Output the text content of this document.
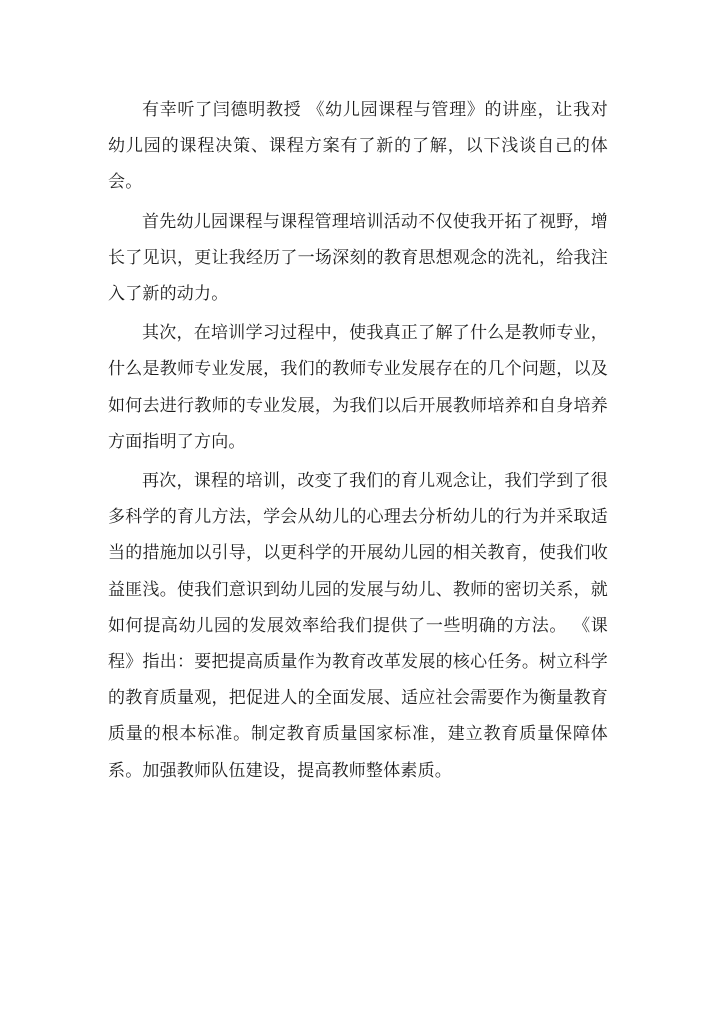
有幸听了闫德明教授 《幼儿园课程与管理》的讲座，让我对幼儿园的课程决策、课程方案有了新的了解，以下浅谈自己的体会。

首先幼儿园课程与课程管理培训活动不仅使我开拓了视野，增长了见识，更让我经历了一场深刻的教育思想观念的洗礼，给我注入了新的动力。

其次，在培训学习过程中，使我真正了解了什么是教师专业，什么是教师专业发展，我们的教师专业发展存在的几个问题，以及如何去进行教师的专业发展，为我们以后开展教师培养和自身培养方面指明了方向。

再次，课程的培训，改变了我们的育儿观念让，我们学到了很多科学的育儿方法，学会从幼儿的心理去分析幼儿的行为并采取适当的措施加以引导，以更科学的开展幼儿园的相关教育，使我们收益匪浅。使我们意识到幼儿园的发展与幼儿、教师的密切关系，就如何提高幼儿园的发展效率给我们提供了一些明确的方法。 《课程》指出：要把提高质量作为教育改革发展的核心任务。树立科学的教育质量观，把促进人的全面发展、适应社会需要作为衡量教育质量的根本标准。制定教育质量国家标准，建立教育质量保障体系。加强教师队伍建设，提高教师整体素质。
